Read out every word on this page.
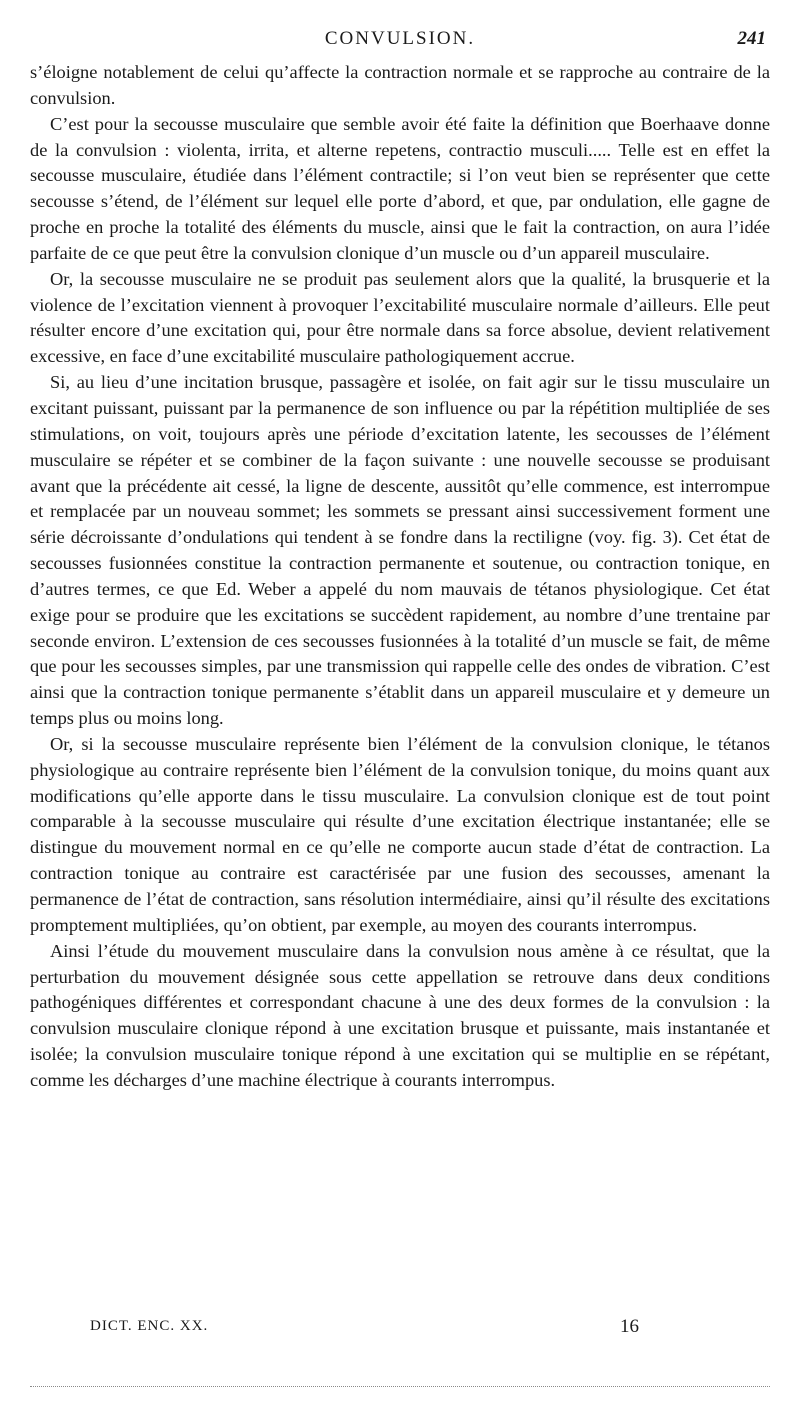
CONVULSION.	241

s’éloigne notablement de celui qu’affecte la contraction normale et se rapproche au contraire de la convulsion.

C’est pour la secousse musculaire que semble avoir été faite la définition que Boerhaave donne de la convulsion : violenta, irrita, et alterne repetens, contractio musculi..... Telle est en effet la secousse musculaire, étudiée dans l’élément contractile; si l’on veut bien se représenter que cette secousse s’étend, de l’élément sur lequel elle porte d’abord, et que, par ondulation, elle gagne de proche en proche la totalité des éléments du muscle, ainsi que le fait la contraction, on aura l’idée parfaite de ce que peut être la convulsion clonique d’un muscle ou d’un appareil musculaire.

Or, la secousse musculaire ne se produit pas seulement alors que la qualité, la brusquerie et la violence de l’excitation viennent à provoquer l’excitabilité musculaire normale d’ailleurs. Elle peut résulter encore d’une excitation qui, pour être normale dans sa force absolue, devient relativement excessive, en face d’une excitabilité musculaire pathologiquement accrue.

Si, au lieu d’une incitation brusque, passagère et isolée, on fait agir sur le tissu musculaire un excitant puissant, puissant par la permanence de son influence ou par la répétition multipliée de ses stimulations, on voit, toujours après une période d’excitation latente, les secousses de l’élément musculaire se répéter et se combiner de la façon suivante : une nouvelle secousse se produisant avant que la précédente ait cessé, la ligne de descente, aussitôt qu’elle commence, est interrompue et remplacée par un nouveau sommet; les sommets se pressant ainsi successivement forment une série décroissante d’ondulations qui tendent à se fondre dans la rectiligne (voy. fig. 3). Cet état de secousses fusionnées constitue la contraction permanente et soutenue, ou contraction tonique, en d’autres termes, ce que Ed. Weber a appelé du nom mauvais de tétanos physiologique. Cet état exige pour se produire que les excitations se succèdent rapidement, au nombre d’une trentaine par seconde environ. L’extension de ces secousses fusionnées à la totalité d’un muscle se fait, de même que pour les secousses simples, par une transmission qui rappelle celle des ondes de vibration. C’est ainsi que la contraction tonique permanente s’établit dans un appareil musculaire et y demeure un temps plus ou moins long.

Or, si la secousse musculaire représente bien l’élément de la convulsion clonique, le tétanos physiologique au contraire représente bien l’élément de la convulsion tonique, du moins quant aux modifications qu’elle apporte dans le tissu musculaire. La convulsion clonique est de tout point comparable à la secousse musculaire qui résulte d’une excitation électrique instantanée; elle se distingue du mouvement normal en ce qu’elle ne comporte aucun stade d’état de contraction. La contraction tonique au contraire est caractérisée par une fusion des secousses, amenant la permanence de l’état de contraction, sans résolution intermédiaire, ainsi qu’il résulte des excitations promptement multipliées, qu’on obtient, par exemple, au moyen des courants interrompus.

Ainsi l’étude du mouvement musculaire dans la convulsion nous amène à ce résultat, que la perturbation du mouvement désignée sous cette appellation se retrouve dans deux conditions pathogéniques différentes et correspondant chacune à une des deux formes de la convulsion : la convulsion musculaire clonique répond à une excitation brusque et puissante, mais instantanée et isolée; la convulsion musculaire tonique répond à une excitation qui se multiplie en se répétant, comme les décharges d’une machine électrique à courants interrompus.

DICT. ENC. XX.	16
